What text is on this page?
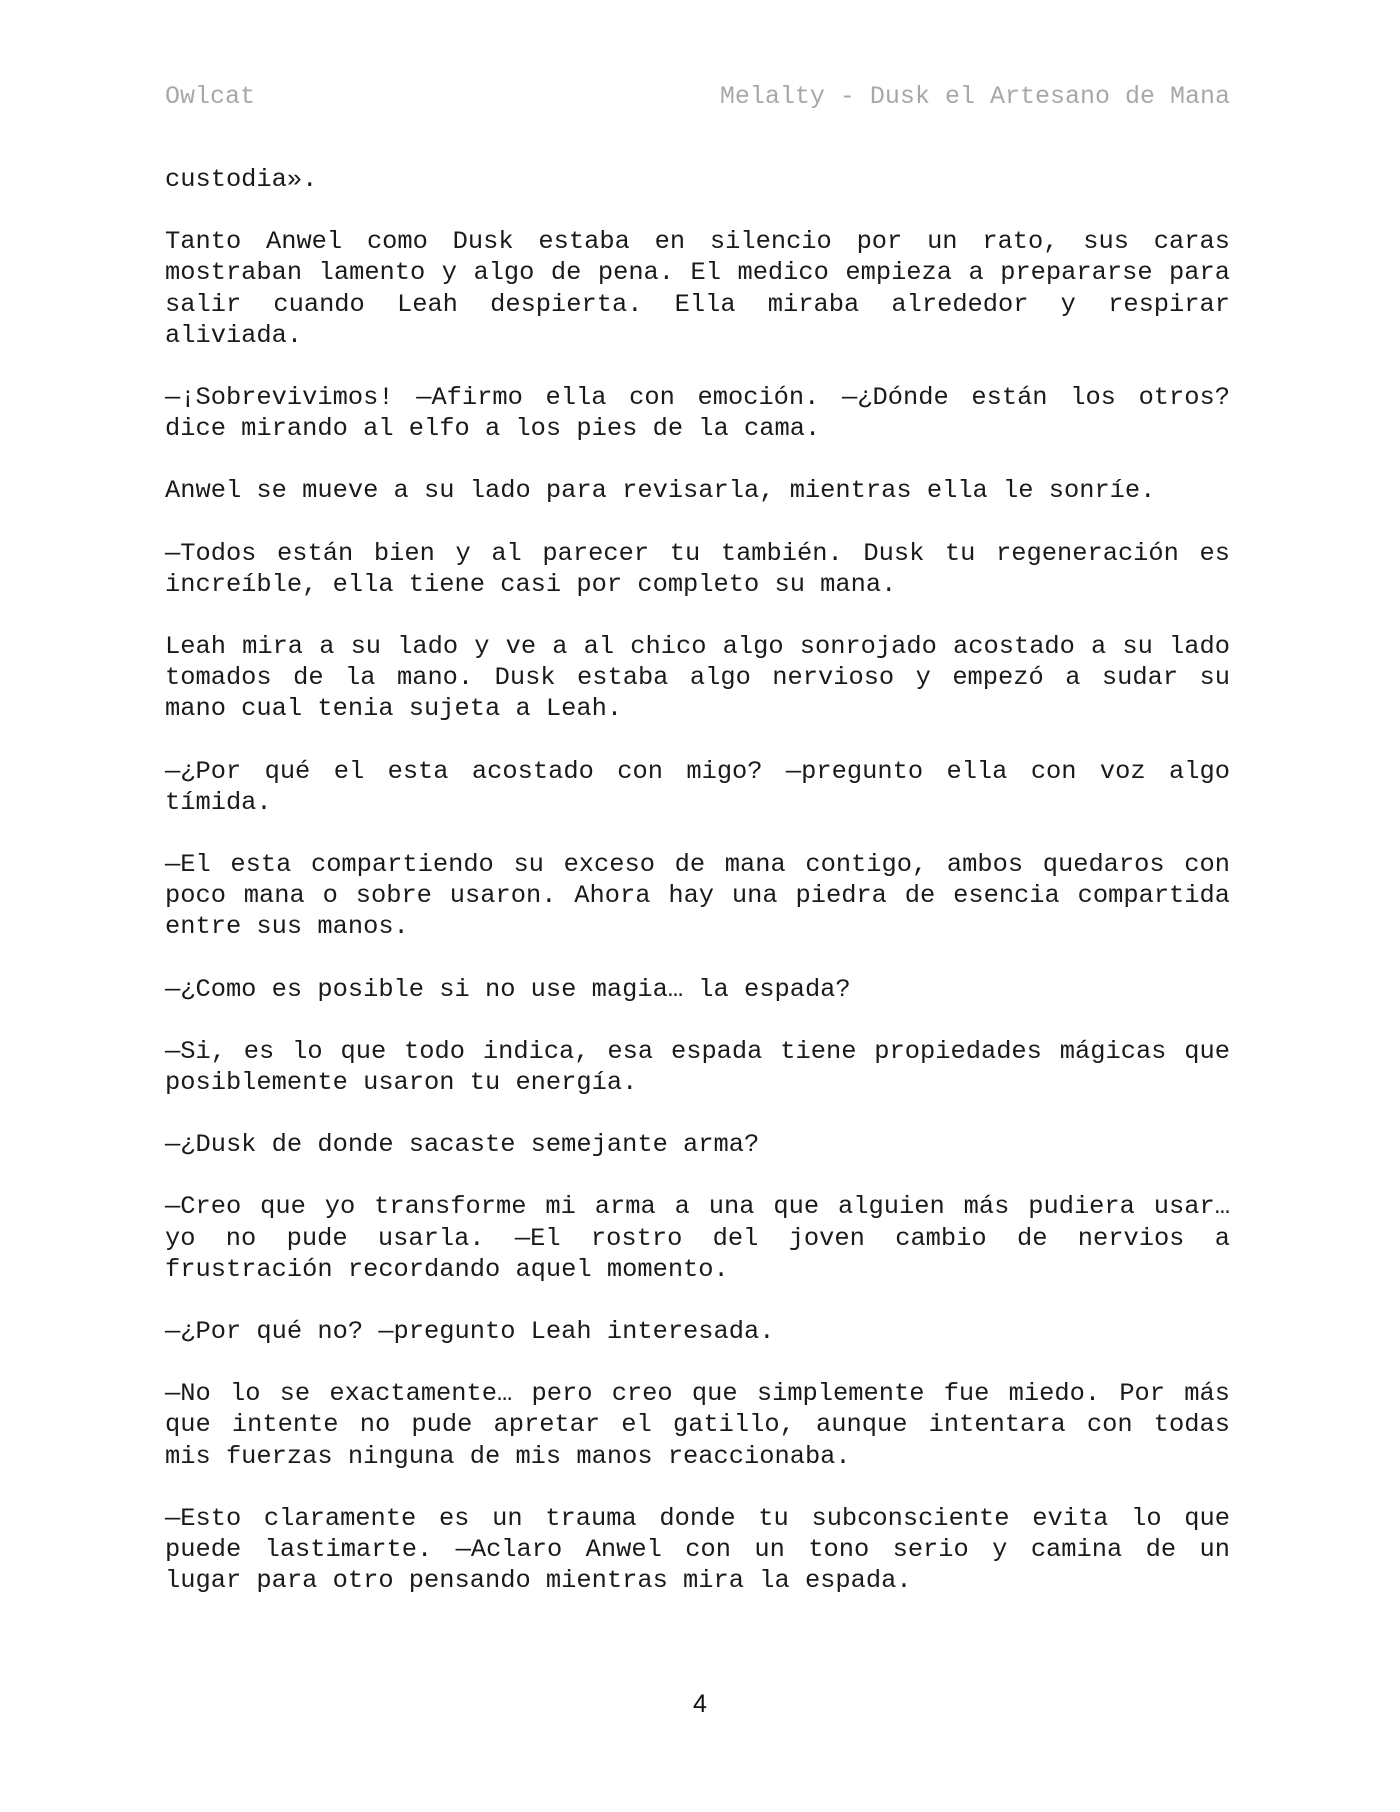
Owlcat	Melalty - Dusk el Artesano de Mana

custodia».

Tanto Anwel como Dusk estaba en silencio por un rato, sus caras mostraban lamento y algo de pena. El medico empieza a prepararse para salir cuando Leah despierta. Ella miraba alrededor y respirar aliviada.

—¡Sobrevivimos! —Afirmo ella con emoción. —¿Dónde están los otros? dice mirando al elfo a los pies de la cama.

Anwel se mueve a su lado para revisarla, mientras ella le sonríe.

—Todos están bien y al parecer tu también. Dusk tu regeneración es increíble, ella tiene casi por completo su mana.

Leah mira a su lado y ve a al chico algo sonrojado acostado a su lado tomados de la mano. Dusk estaba algo nervioso y empezó a sudar su mano cual tenia sujeta a Leah.

—¿Por qué el esta acostado con migo? —pregunto ella con voz algo tímida.

—El esta compartiendo su exceso de mana contigo, ambos quedaros con poco mana o sobre usaron. Ahora hay una piedra de esencia compartida entre sus manos.

—¿Como es posible si no use magia… la espada?

—Si, es lo que todo indica, esa espada tiene propiedades mágicas que posiblemente usaron tu energía.

—¿Dusk de donde sacaste semejante arma?

—Creo que yo transforme mi arma a una que alguien más pudiera usar… yo no pude usarla. —El rostro del joven cambio de nervios a frustración recordando aquel momento.

—¿Por qué no? —pregunto Leah interesada.

—No lo se exactamente… pero creo que simplemente fue miedo. Por más que intente no pude apretar el gatillo, aunque intentara con todas mis fuerzas ninguna de mis manos reaccionaba.

—Esto claramente es un trauma donde tu subconsciente evita lo que puede lastimarte. —Aclaro Anwel con un tono serio y camina de un lugar para otro pensando mientras mira la espada.

4
